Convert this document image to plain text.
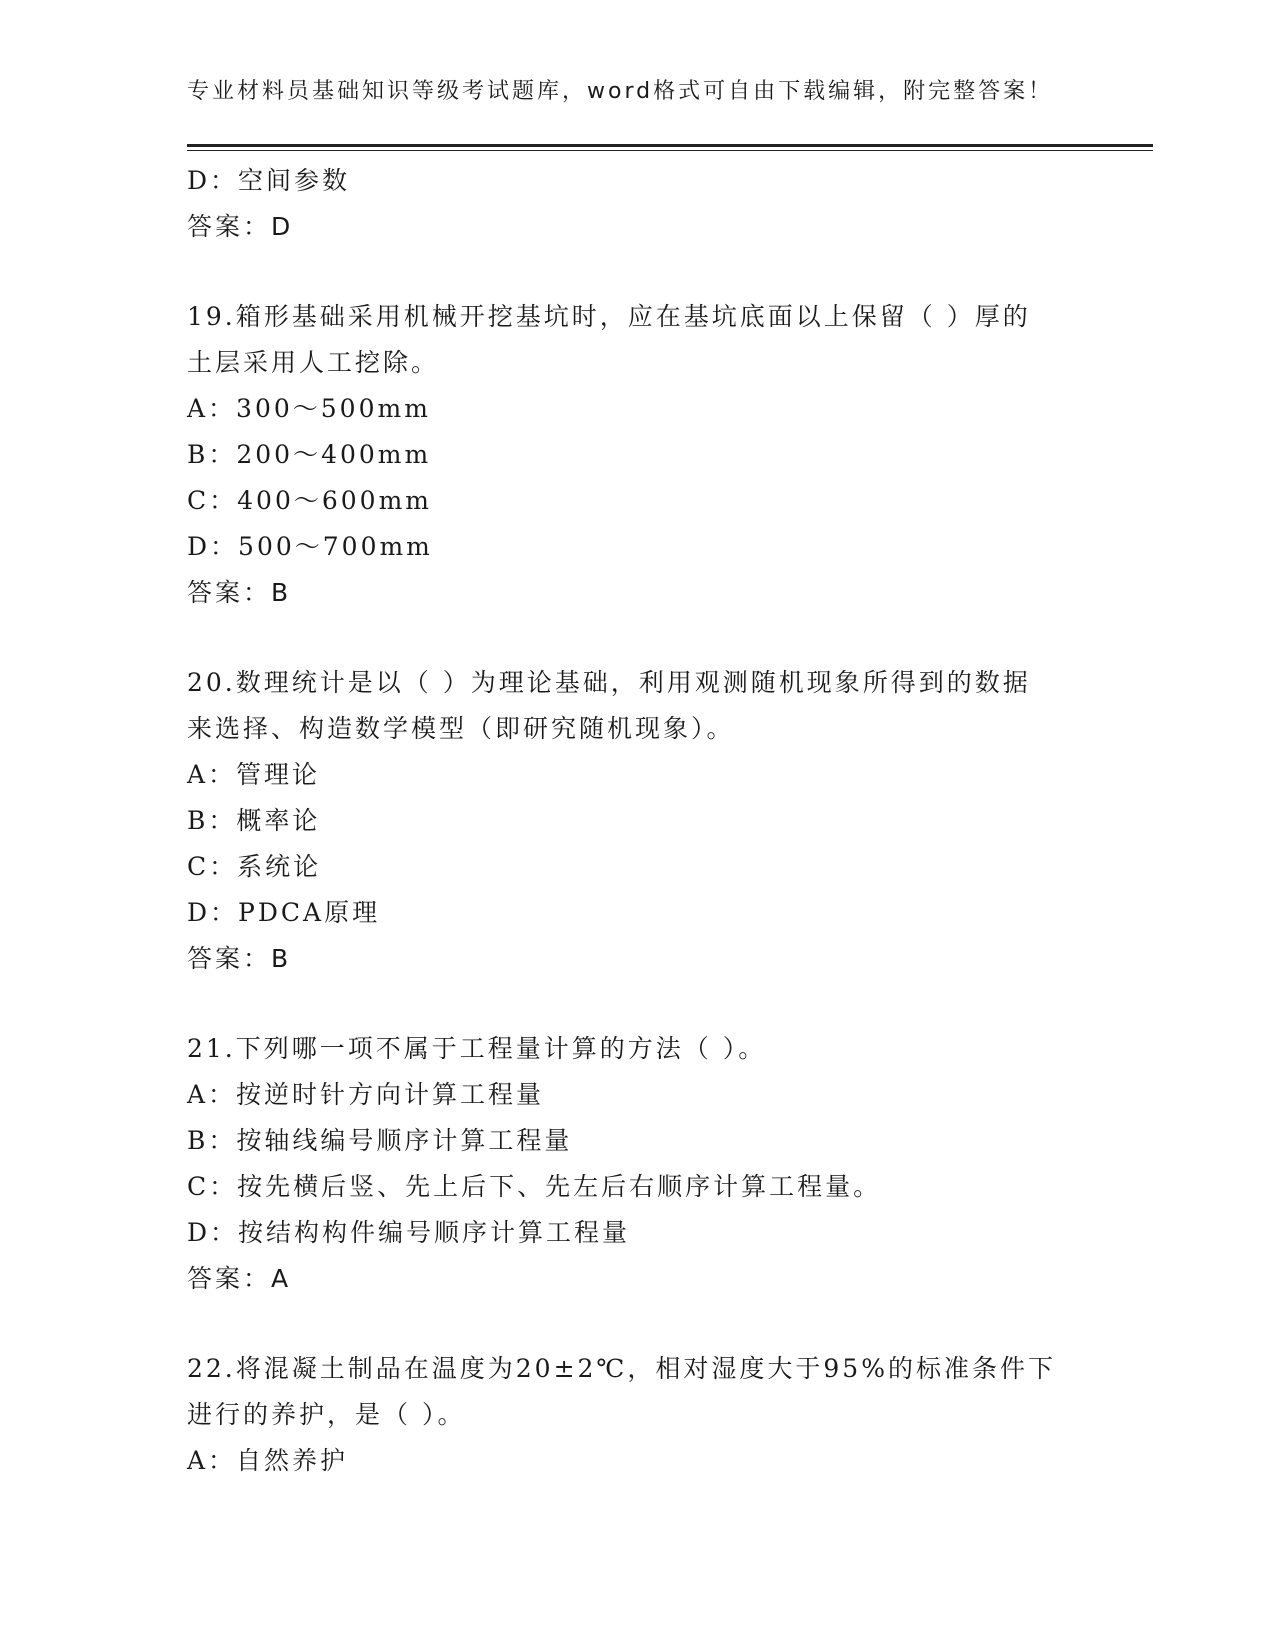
专业材料员基础知识等级考试题库，word格式可自由下载编辑，附完整答案！
D：空间参数
答案：D
19.箱形基础采用机械开挖基坑时，应在基坑底面以上保留（ ）厚的
土层采用人工挖除。
A：300～500mm
B：200～400mm
C：400～600mm
D：500～700mm
答案：B
20.数理统计是以（ ）为理论基础，利用观测随机现象所得到的数据
来选择、构造数学模型（即研究随机现象）。
A：管理论
B：概率论
C：系统论
D：PDCA原理
答案：B
21.下列哪一项不属于工程量计算的方法（ ）。
A：按逆时针方向计算工程量
B：按轴线编号顺序计算工程量
C：按先横后竖、先上后下、先左后右顺序计算工程量。
D：按结构构件编号顺序计算工程量
答案：A
22.将混凝土制品在温度为20±2℃，相对湿度大于95%的标准条件下
进行的养护，是（ ）。
A：自然养护
